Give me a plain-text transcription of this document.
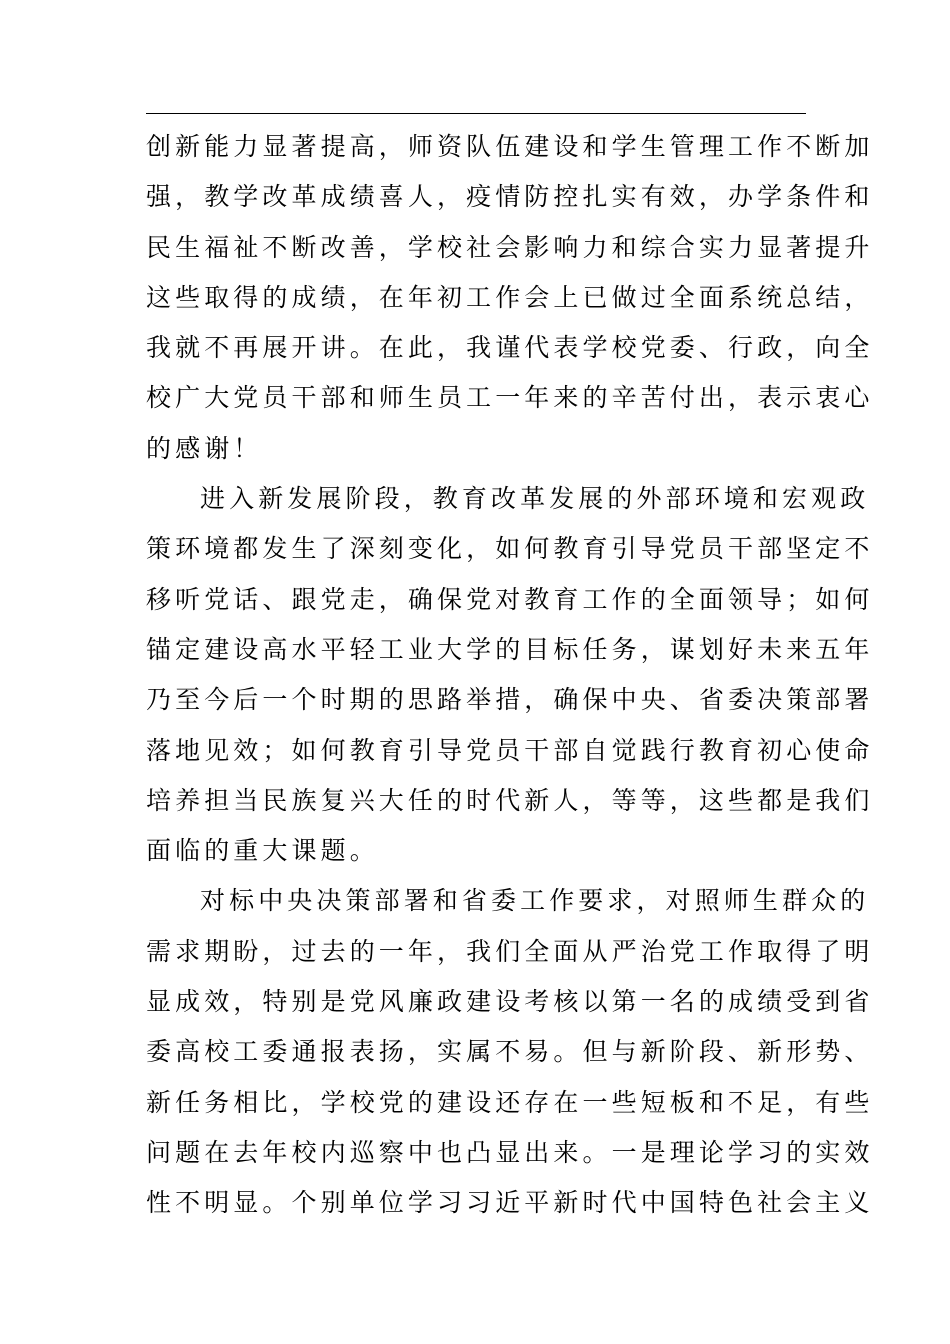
创新能力显著提高，师资队伍建设和学生管理工作不断加
强，教学改革成绩喜人，疫情防控扎实有效，办学条件和
民生福祉不断改善，学校社会影响力和综合实力显著提升
这些取得的成绩，在年初工作会上已做过全面系统总结，
我就不再展开讲。在此，我谨代表学校党委、行政，向全
校广大党员干部和师生员工一年来的辛苦付出，表示衷心
的感谢！
进入新发展阶段，教育改革发展的外部环境和宏观政
策环境都发生了深刻变化，如何教育引导党员干部坚定不
移听党话、跟党走，确保党对教育工作的全面领导；如何
锚定建设高水平轻工业大学的目标任务，谋划好未来五年
乃至今后一个时期的思路举措，确保中央、省委决策部署
落地见效；如何教育引导党员干部自觉践行教育初心使命
培养担当民族复兴大任的时代新人，等等，这些都是我们
面临的重大课题。
对标中央决策部署和省委工作要求，对照师生群众的
需求期盼，过去的一年，我们全面从严治党工作取得了明
显成效，特别是党风廉政建设考核以第一名的成绩受到省
委高校工委通报表扬，实属不易。但与新阶段、新形势、
新任务相比，学校党的建设还存在一些短板和不足，有些
问题在去年校内巡察中也凸显出来。一是理论学习的实效
性不明显。个别单位学习习近平新时代中国特色社会主义
